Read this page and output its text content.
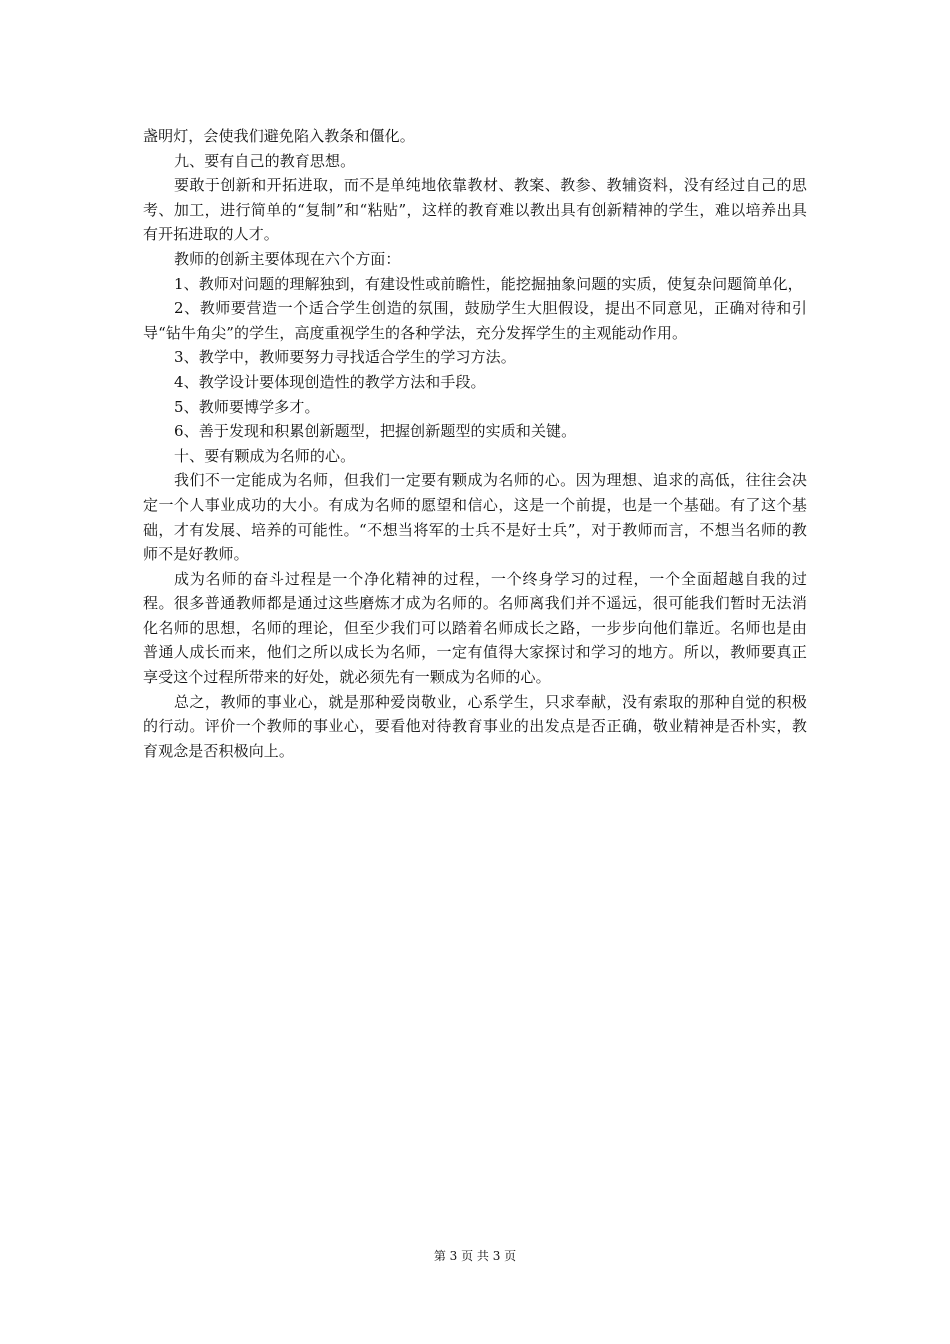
盏明灯，会使我们避免陷入教条和僵化。

九、要有自己的教育思想。

要敢于创新和开拓进取，而不是单纯地依靠教材、教案、教参、教辅资料，没有经过自己的思考、加工，进行简单的“复制”和“粘贴”，这样的教育难以教出具有创新精神的学生，难以培养出具有开拓进取的人才。

教师的创新主要体现在六个方面：

1、教师对问题的理解独到，有建设性或前瞻性，能挖掘抽象问题的实质，使复杂问题简单化，

2、教师要营造一个适合学生创造的氛围，鼓励学生大胆假设，提出不同意见，正确对待和引导“钻牛角尖”的学生，高度重视学生的各种学法，充分发挥学生的主观能动作用。

3、教学中，教师要努力寻找适合学生的学习方法。

4、教学设计要体现创造性的教学方法和手段。

5、教师要博学多才。

6、善于发现和积累创新题型，把握创新题型的实质和关键。

十、要有颗成为名师的心。

我们不一定能成为名师，但我们一定要有颗成为名师的心。因为理想、追求的高低，往往会决定一个人事业成功的大小。有成为名师的愿望和信心，这是一个前提，也是一个基础。有了这个基础，才有发展、培养的可能性。“不想当将军的士兵不是好士兵”，对于教师而言，不想当名师的教师不是好教师。

成为名师的奋斗过程是一个净化精神的过程，一个终身学习的过程，一个全面超越自我的过程。很多普通教师都是通过这些磨炼才成为名师的。名师离我们并不遥远，很可能我们暂时无法消化名师的思想，名师的理论，但至少我们可以踏着名师成长之路，一步步向他们靠近。名师也是由普通人成长而来，他们之所以成长为名师，一定有值得大家探讨和学习的地方。所以，教师要真正享受这个过程所带来的好处，就必须先有一颗成为名师的心。

总之，教师的事业心，就是那种爱岗敬业，心系学生，只求奉献，没有索取的那种自觉的积极的行动。评价一个教师的事业心，要看他对待教育事业的出发点是否正确，敬业精神是否朴实，教育观念是否积极向上。

第 3 页 共 3 页
